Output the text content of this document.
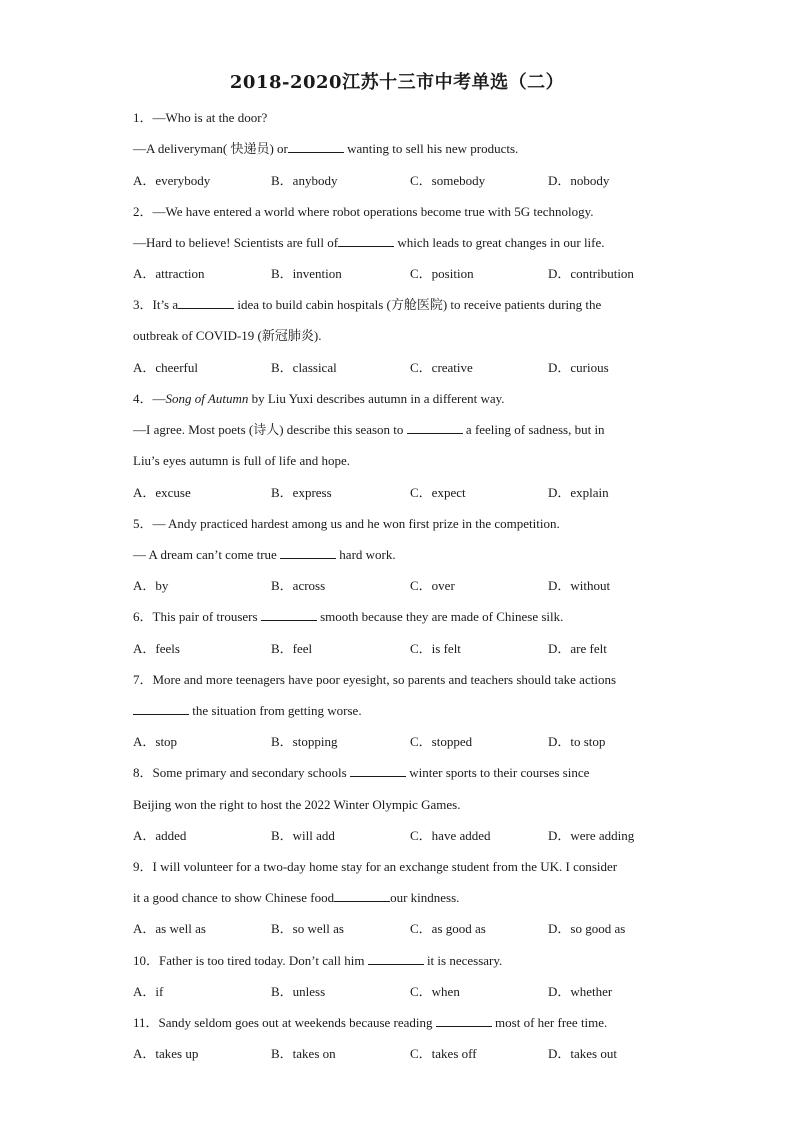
2018-2020江苏十三市中考单选（二）
1．—Who is at the door?
—A deliveryman( 快递员) or	wanting to sell his new products.
A．everybody	B．anybody	C．somebody	D．nobody
2．—We have entered a world where robot operations become true with 5G technology.
—Hard to believe! Scientists are full of	which leads to great changes in our life.
A．attraction	B．invention	C．position	D．contribution
3．It’s a	idea to build cabin hospitals (方舱医院) to receive patients during the
outbreak of COVID-19 (新冠肺炎).
A．cheerful	B．classical	C．creative	D．curious
4．—Song of Autumn by Liu Yuxi describes autumn in a different way.
—I agree. Most poets (诗人) describe this season to	a feeling of sadness, but in
Liu’s eyes autumn is full of life and hope.
A．excuse	B．express	C．expect	D．explain
5．— Andy practiced hardest among us and he won first prize in the competition.
— A dream can’t come true	hard work.
A．by	B．across	C．over	D．without
6．This pair of trousers	smooth because they are made of Chinese silk.
A．feels	B．feel	C．is felt	D．are felt
7．More and more teenagers have poor eyesight, so parents and teachers should take actions
the situation from getting worse.
A．stop	B．stopping	C．stopped	D．to stop
8．Some primary and secondary schools	winter sports to their courses since
Beijing won the right to host the 2022 Winter Olympic Games.
A．added	B．will add	C．have added	D．were adding
9．I will volunteer for a two-day home stay for an exchange student from the UK. I consider
it a good chance to show Chinese food	our kindness.
A．as well as	B．so well as	C．as good as	D．so good as
10．Father is too tired today. Don’t call him	it is necessary.
A．if	B．unless	C．when	D．whether
11．Sandy seldom goes out at weekends because reading	most of her free time.
A．takes up	B．takes on	C．takes off	D．takes out
